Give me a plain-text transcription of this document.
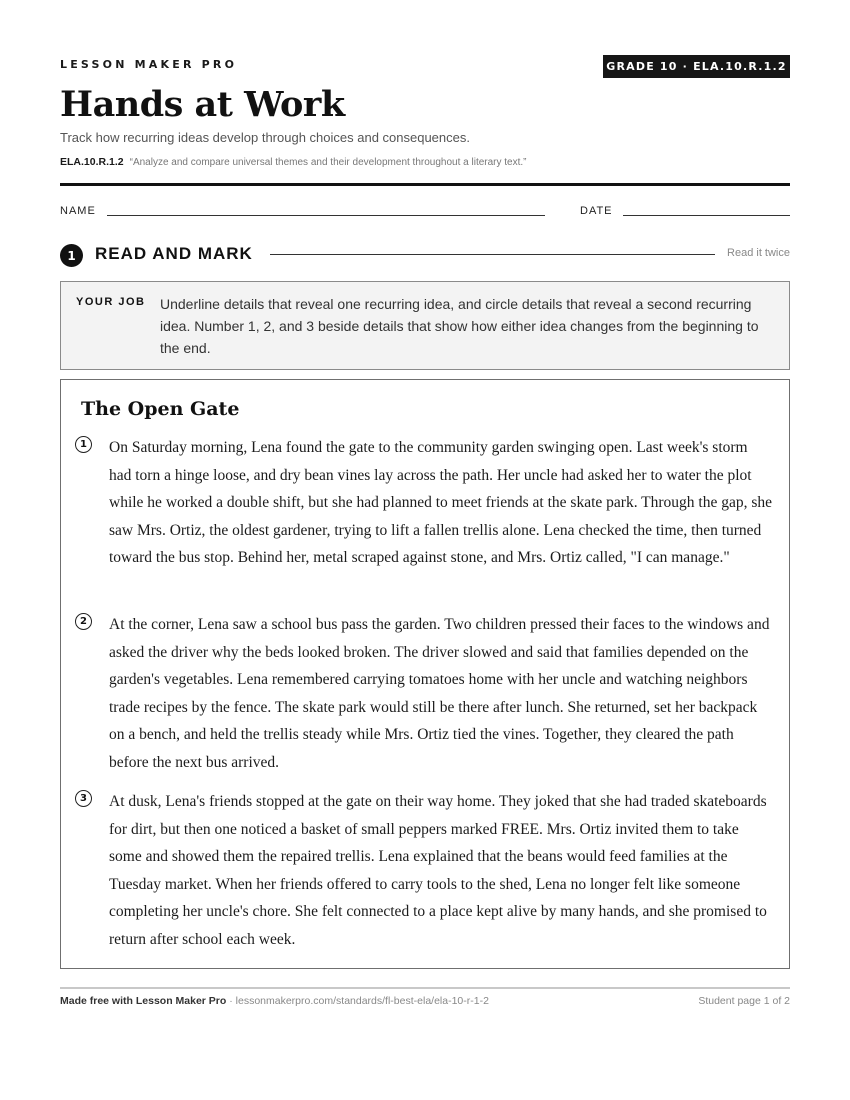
LESSON MAKER PRO	GRADE 10 · ELA.10.R.1.2
Hands at Work
Track how recurring ideas develop through choices and consequences.
ELA.10.R.1.2 “Analyze and compare universal themes and their development throughout a literary text.”
NAME	DATE
1	READ AND MARK	Read it twice
YOUR JOB Underline details that reveal one recurring idea, and circle details that reveal a second recurring idea. Number 1, 2, and 3 beside details that show how either idea changes from the beginning to the end.
The Open Gate
1	On Saturday morning, Lena found the gate to the community garden swinging open. Last week's storm had torn a hinge loose, and dry bean vines lay across the path. Her uncle had asked her to water the plot while he worked a double shift, but she had planned to meet friends at the skate park. Through the gap, she saw Mrs. Ortiz, the oldest gardener, trying to lift a fallen trellis alone. Lena checked the time, then turned toward the bus stop. Behind her, metal scraped against stone, and Mrs. Ortiz called, "I can manage."

2	At the corner, Lena saw a school bus pass the garden. Two children pressed their faces to the windows and asked the driver why the beds looked broken. The driver slowed and said that families depended on the garden's vegetables. Lena remembered carrying tomatoes home with her uncle and watching neighbors trade recipes by the fence. The skate park would still be there after lunch. She returned, set her backpack on a bench, and held the trellis steady while Mrs. Ortiz tied the vines. Together, they cleared the path before the next bus arrived.

3	At dusk, Lena's friends stopped at the gate on their way home. They joked that she had traded skateboards for dirt, but then one noticed a basket of small peppers marked FREE. Mrs. Ortiz invited them to take some and showed them the repaired trellis. Lena explained that the beans would feed families at the Tuesday market. When her friends offered to carry tools to the shed, Lena no longer felt like someone completing her uncle's chore. She felt connected to a place kept alive by many hands, and she promised to return after school each week.

Made free with Lesson Maker Pro · lessonmakerpro.com/standards/fl-best-ela/ela-10-r-1-2	Student page 1 of 2
